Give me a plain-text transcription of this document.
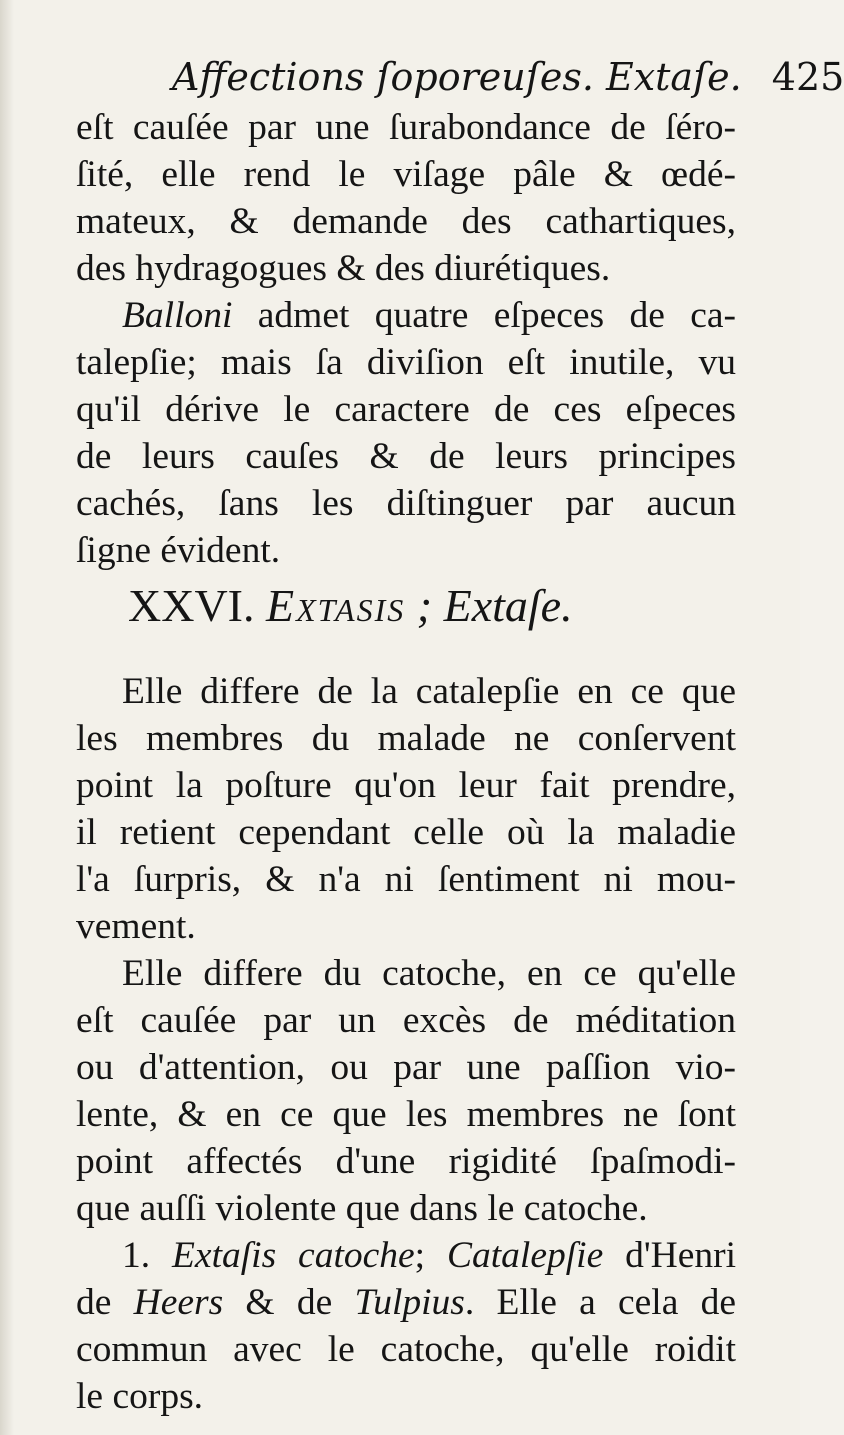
Affections ſoporeuſes. Extaſe. 425
eſt cauſée par une ſurabondance de ſéro-
ſité, elle rend le viſage pâle & œdé-
mateux, & demande des cathartiques,
des hydragogues & des diurétiques.
Balloni admet quatre eſpeces de ca-
talepſie; mais ſa diviſion eſt inutile, vu
qu'il dérive le caractere de ces eſpeces
de leurs cauſes & de leurs principes
cachés, ſans les diſtinguer par aucun
ſigne évident.
XXVI. Extasis ; Extaſe.
Elle differe de la catalepſie en ce que
les membres du malade ne conſervent
point la poſture qu'on leur fait prendre,
il retient cependant celle où la maladie
l'a ſurpris, & n'a ni ſentiment ni mou-
vement.
Elle differe du catoche, en ce qu'elle
eſt cauſée par un excès de méditation
ou d'attention, ou par une paſſion vio-
lente, & en ce que les membres ne ſont
point affectés d'une rigidité ſpaſmodi-
que auſſi violente que dans le catoche.
1. Extaſis catoche; Catalepſie d'Henri
de Heers & de Tulpius. Elle a cela de
commun avec le catoche, qu'elle roidit
le corps.
